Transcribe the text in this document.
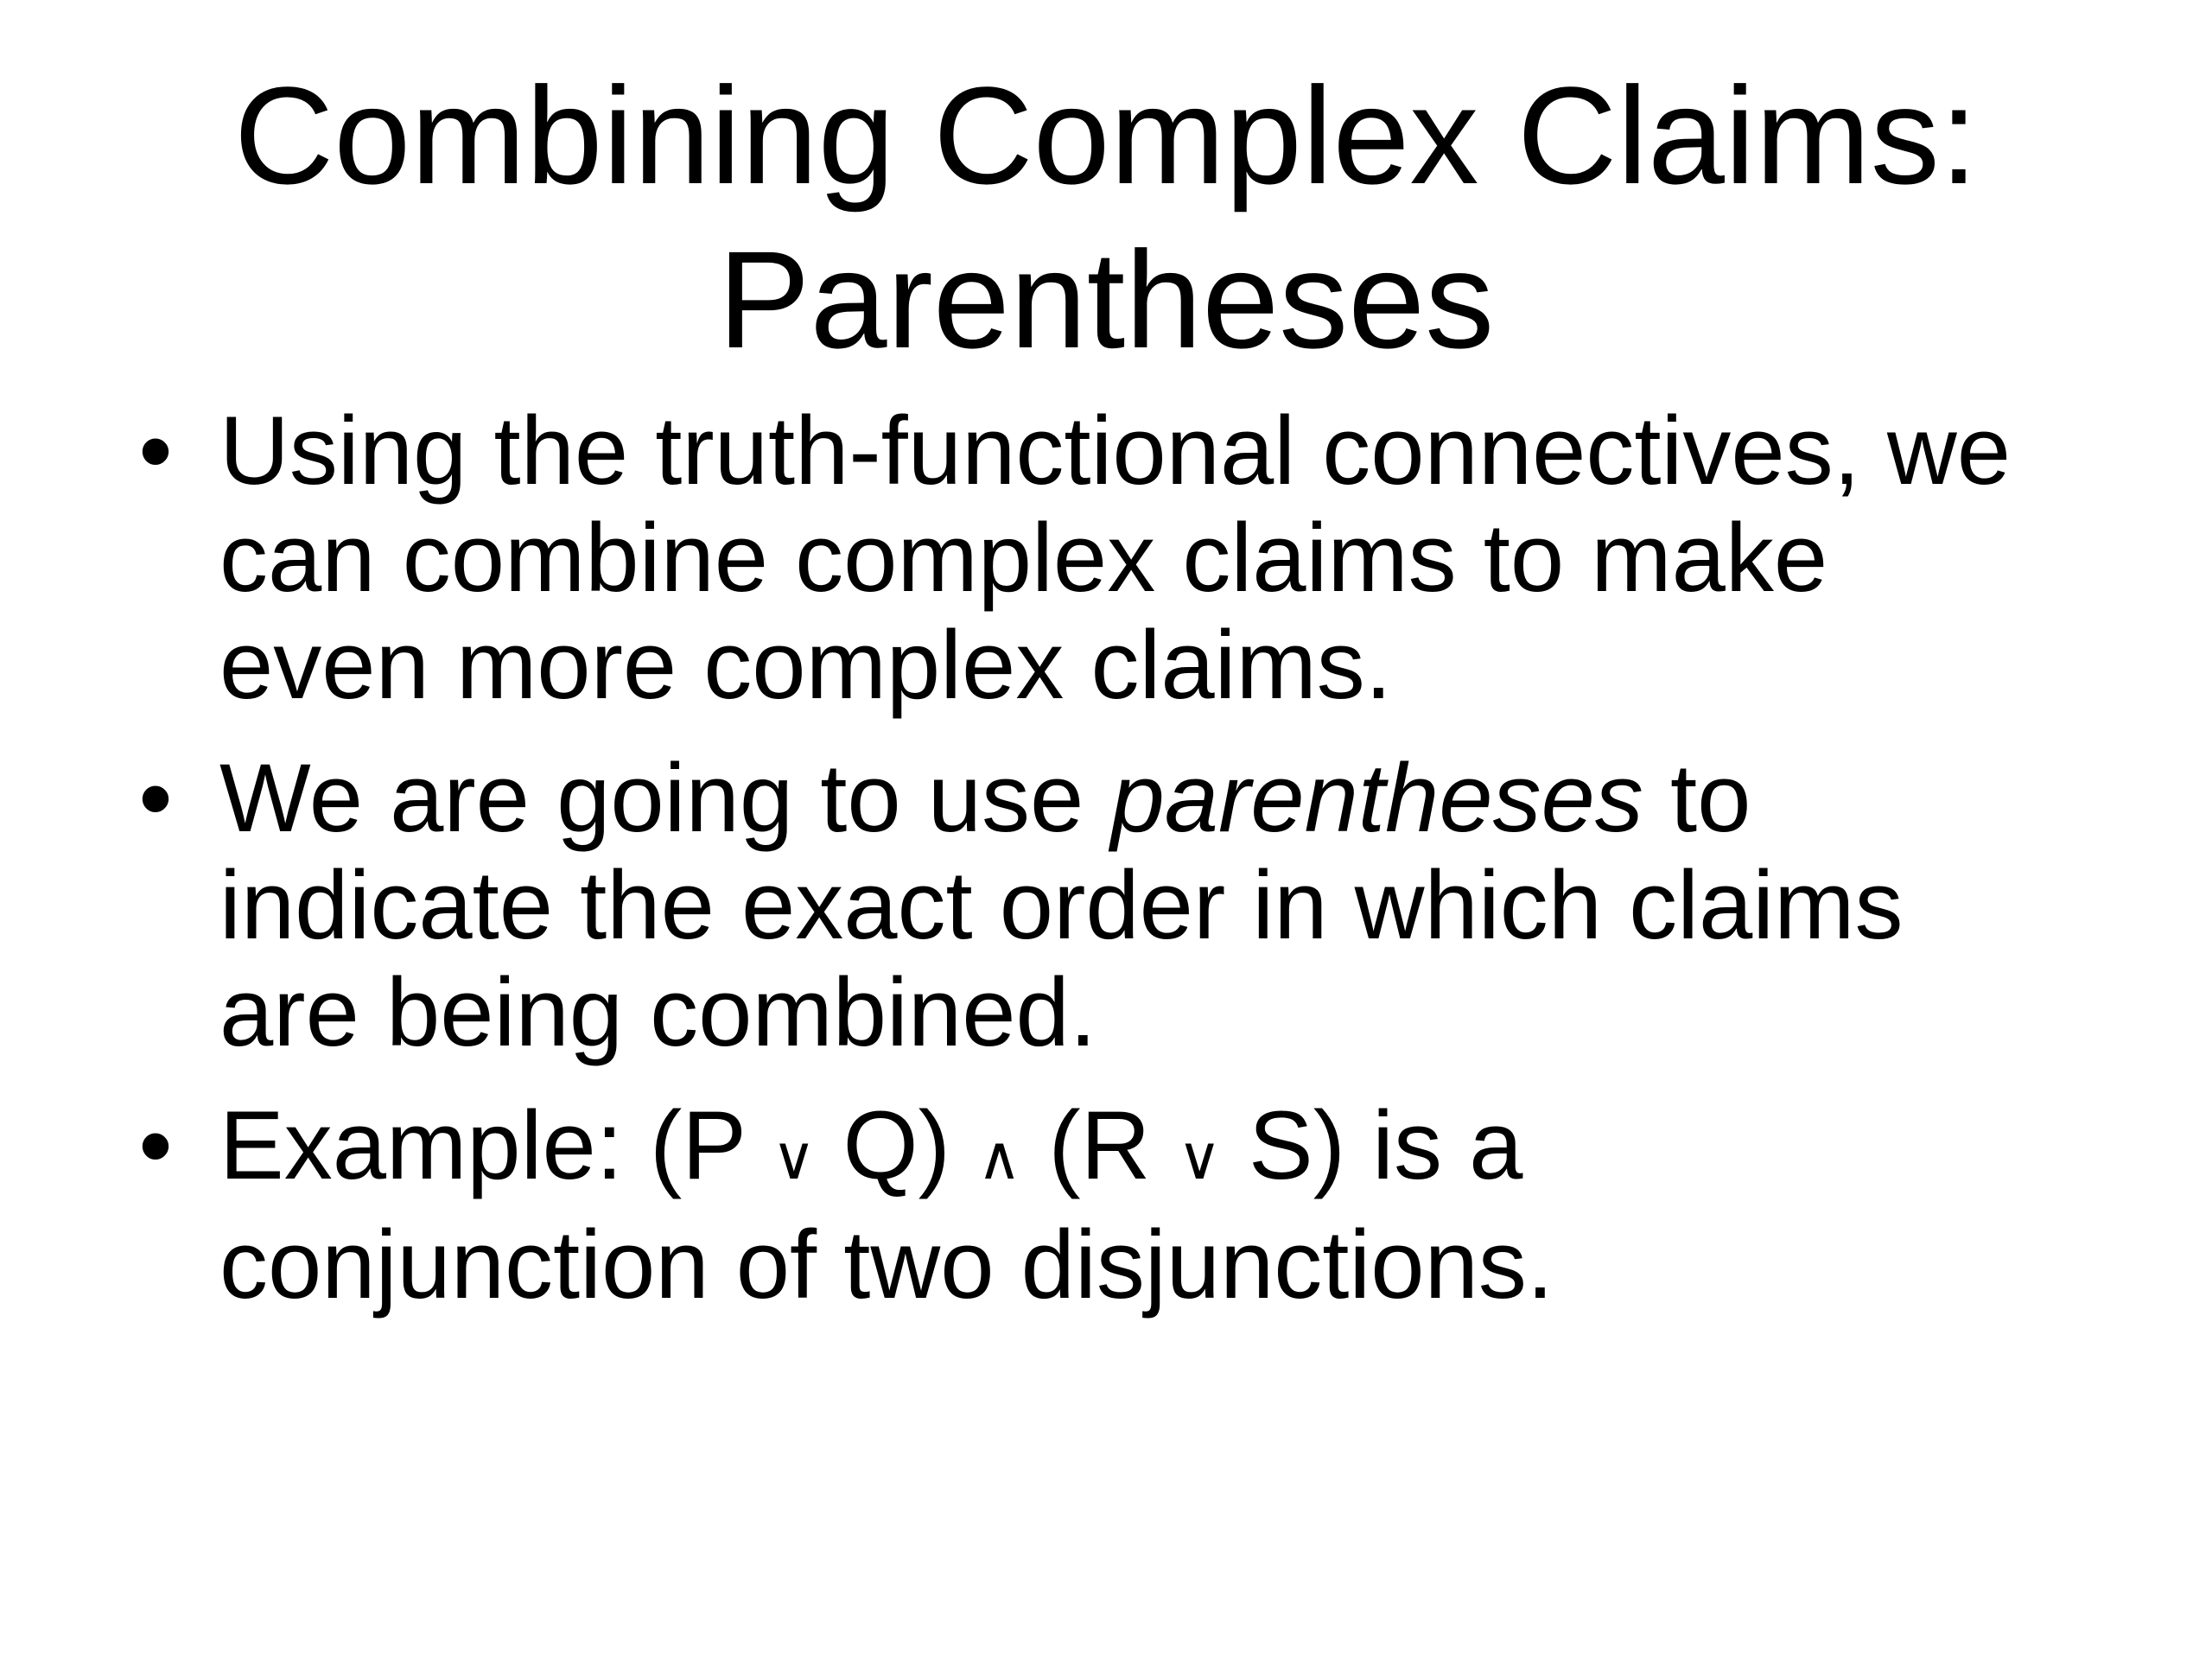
Combining Complex Claims:
Parentheses
• Using the truth-functional connectives, we
can combine complex claims to make
even more complex claims.
• We are going to use parentheses to
indicate the exact order in which claims
are being combined.
• Example: (P ∨ Q) ∧ (R ∨ S) is a
conjunction of two disjunctions.
